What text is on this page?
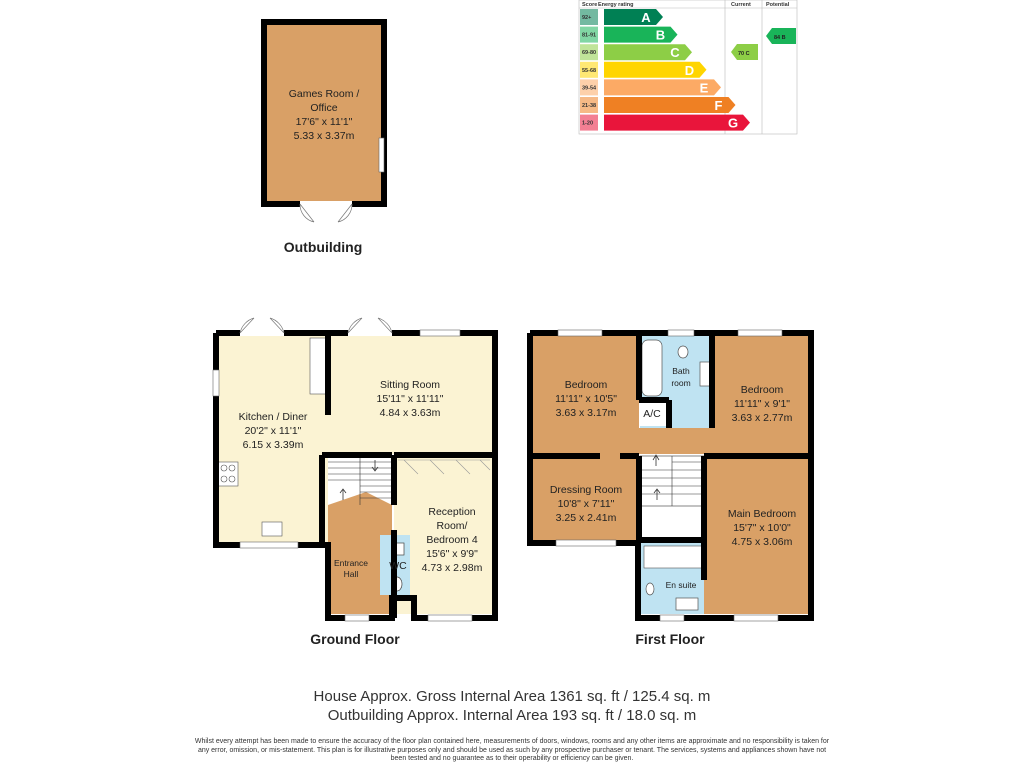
Score Energy rating	Current	Potential
92+	A
81-91	B
69-80	C
55-68	D
39-54	E
21-38	F
1-20	G
70 C
84 B
Games Room /
Office
17'6" x 11'1"
5.33 x 3.37m
Outbuilding
Kitchen / Diner
20'2" x 11'1"
6.15 x 3.39m
Sitting Room
15'11" x 11'11"
4.84 x 3.63m
Reception
Room/
Bedroom 4
15'6" x 9'9"
4.73 x 2.98m
Entrance
Hall
WC
Ground Floor
Bedroom
11'11" x 10'5"
3.63 x 3.17m
Bath
room
Bedroom
11'11" x 9'1"
3.63 x 2.77m
A/C
Dressing Room
10'8" x 7'11"
3.25 x 2.41m	Main Bedroom
15'7" x 10'0"
4.75 x 3.06m
En suite
First Floor
House Approx. Gross Internal Area 1361 sq. ft / 125.4 sq. m
Outbuilding Approx. Internal Area 193 sq. ft / 18.0 sq. m
Whilst every attempt has been made to ensure the accuracy of the floor plan contained here, measurements of doors, windows, rooms and any other items are approximate and no responsibility is taken for any error, omission, or mis-statement. This plan is for illustrative purposes only and should be used as such by any prospective purchaser or tenant. The services, systems and appliances shown have not been tested and no guarantee as to their operability or efficiency can be given.
